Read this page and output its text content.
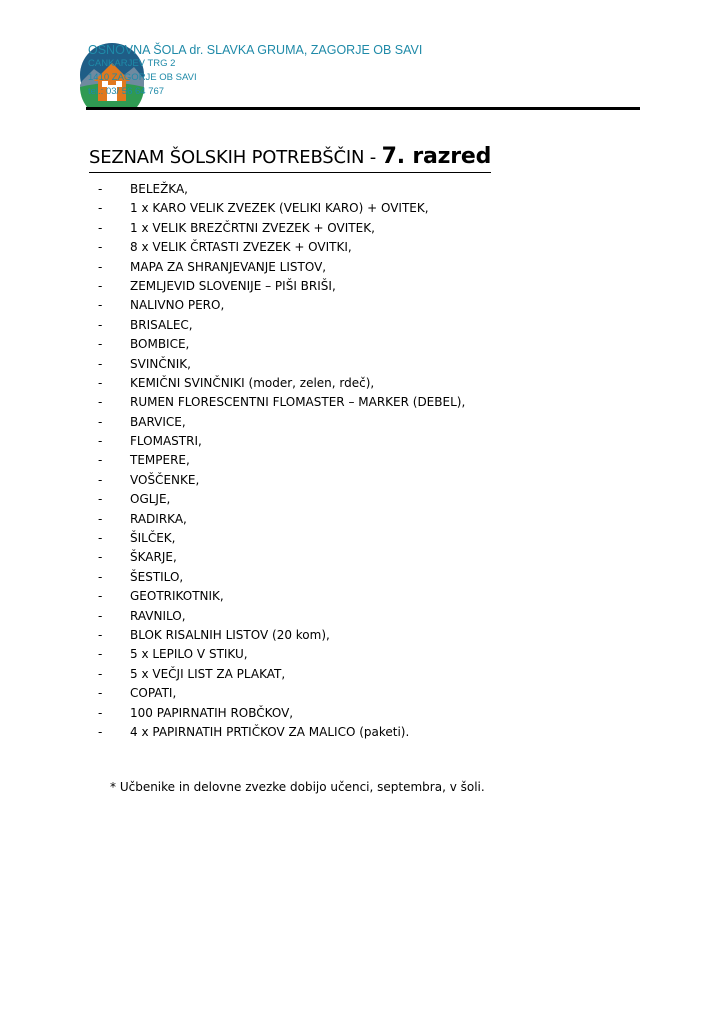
OSNOVNA ŠOLA dr. SLAVKA GRUMA, ZAGORJE OB SAVI
CANKARJEV TRG 2
1410 ZAGORJE OB SAVI
tel.: 03/ 56 64 767
SEZNAM ŠOLSKIH POTREBŠČIN - 7. razred
- BELEŽKA,
- 1 x KARO VELIK ZVEZEK (VELIKI KARO) + OVITEK,
- 1 x VELIK BREZČRTNI ZVEZEK + OVITEK,
- 8 x VELIK ČRTASTI ZVEZEK + OVITKI,
- MAPA ZA SHRANJEVANJE LISTOV,
- ZEMLJEVID SLOVENIJE – PIŠI BRIŠI,
- NALIVNO PERO,
- BRISALEC,
- BOMBICE,
- SVINČNIK,
- KEMIČNI SVINČNIKI (moder, zelen, rdeč),
- RUMEN FLORESCENTNI FLOMASTER – MARKER (DEBEL),
- BARVICE,
- FLOMASTRI,
- TEMPERE,
- VOŠČENKE,
- OGLJE,
- RADIRKA,
- ŠILČEK,
- ŠKARJE,
- ŠESTILO,
- GEOTRIKOTNIK,
- RAVNILO,
- BLOK RISALNIH LISTOV (20 kom),
- 5 x LEPILO V STIKU,
- 5 x VEČJI LIST ZA PLAKAT,
- COPATI,
- 100 PAPIRNATIH ROBČKOV,
- 4 x PAPIRNATIH PRTIČKOV ZA MALICO (paketi).
* Učbenike in delovne zvezke dobijo učenci, septembra, v šoli.
